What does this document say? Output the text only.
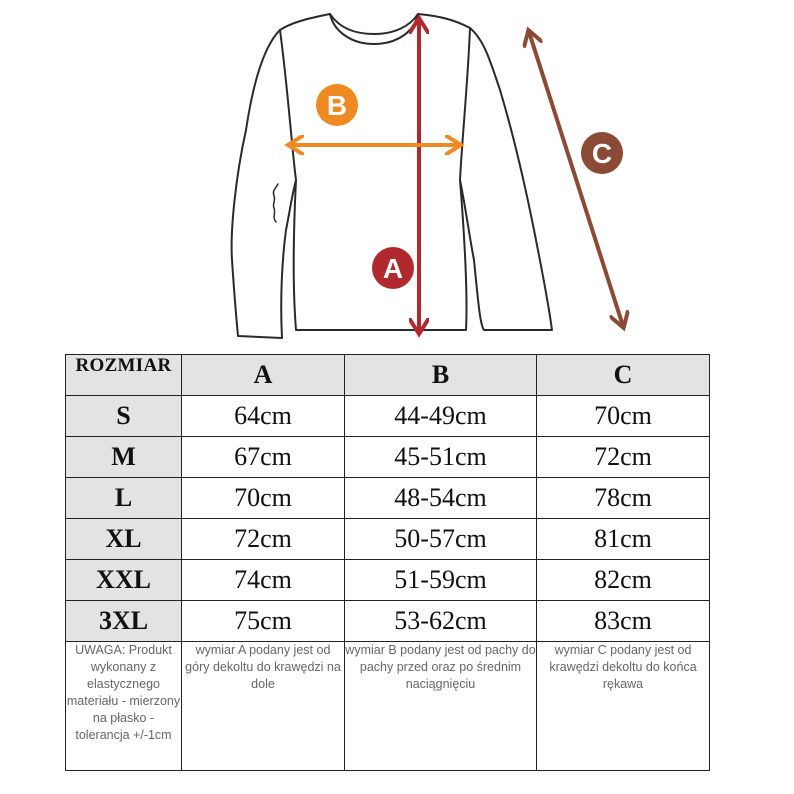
A
B
C
ROZMIAR	A	B	C
S	64cm	44-49cm	70cm
M	67cm	45-51cm	72cm
L	70cm	48-54cm	78cm
XL	72cm	50-57cm	81cm
XXL	74cm	51-59cm	82cm
3XL	75cm	53-62cm	83cm
UWAGA: Produkt wykonany z elastycznego materiału - mierzony na płasko - tolerancja +/-1cm	wymiar A podany jest od góry dekoltu do krawędzi na dole	wymiar B podany jest od pachy do pachy przed oraz po średnim naciągnięciu	wymiar C podany jest od krawędzi dekoltu do końca rękawa
